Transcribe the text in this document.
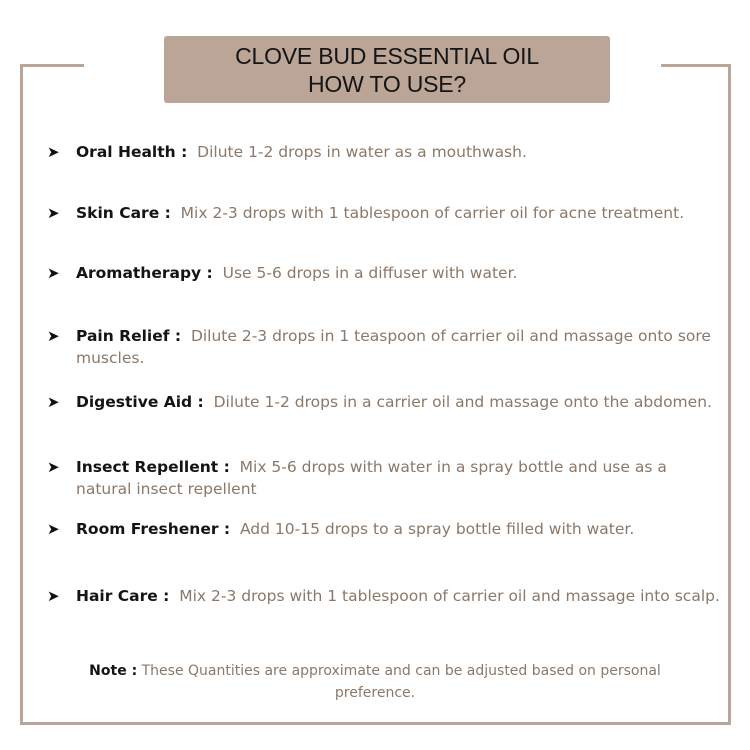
CLOVE BUD ESSENTIAL OIL
HOW TO USE?
➤	Oral Health : Dilute 1-2 drops in water as a mouthwash.
➤	Skin Care : Mix 2-3 drops with 1 tablespoon of carrier oil for acne treatment.
➤	Aromatherapy : Use 5-6 drops in a diffuser with water.
➤	Pain Relief : Dilute 2-3 drops in 1 teaspoon of carrier oil and massage onto sore muscles.
➤	Digestive Aid : Dilute 1-2 drops in a carrier oil and massage onto the abdomen.
➤	Insect Repellent : Mix 5-6 drops with water in a spray bottle and use as a natural insect repellent
➤	Room Freshener : Add 10-15 drops to a spray bottle filled with water.
➤	Hair Care : Mix 2-3 drops with 1 tablespoon of carrier oil and massage into scalp.
Note : These Quantities are approximate and can be adjusted based on personal preference.
